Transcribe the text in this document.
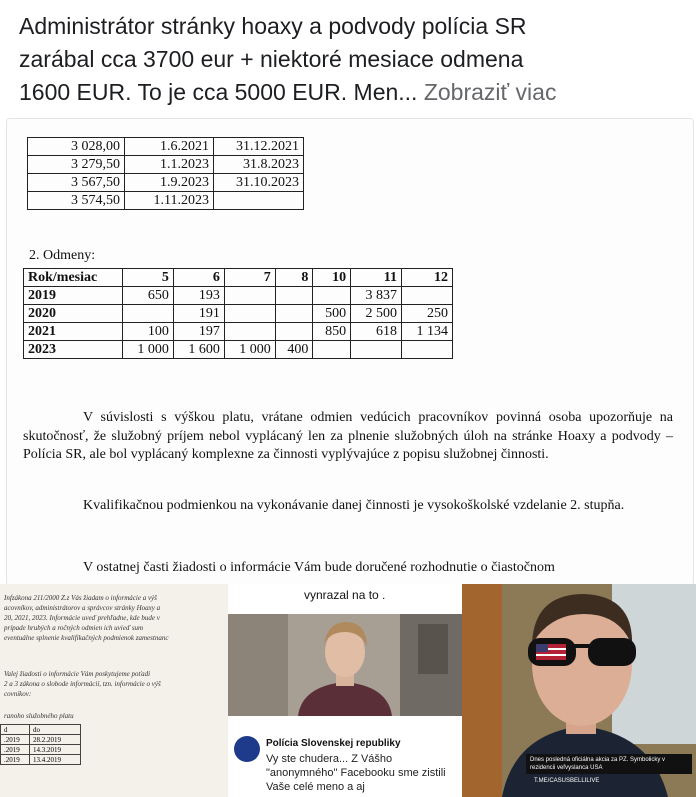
Administrátor stránky hoaxy a podvody polícia SR
zarábal cca 3700 eur + niektoré mesiace odmena
1600 EUR. To je cca 5000 EUR. Men... Zobraziť viac

3 028,00	1.6.2021	31.12.2021
3 279,50	1.1.2023	31.8.2023
3 567,50	1.9.2023	31.10.2023
3 574,50	1.11.2023	
2. Odmeny:
Rok/mesiac	5	6	7	8	10	11	12
2019	650	193				3 837	
2020		191			500	2 500	250
2021	100	197			850	618	1 134
2023	1 000	1 600	1 000	400			

V súvislosti s výškou platu, vrátane odmien vedúcich pracovníkov povinná osoba upozorňuje na skutočnosť, že služobný príjem nebol vyplácaný len za plnenie služobných úloh na stránke Hoaxy a podvody – Polícia SR, ale bol vyplácaný komplexne za činnosti vyplývajúce z popisu služobnej činnosti.

Kvalifikačnou podmienkou na vykonávanie danej činnosti je vysokoškolské vzdelanie 2. stupňa.

V ostatnej časti žiadosti o informácie Vám bude doručené rozhodnutie o čiastočnom

Infzákona 211/2000 Z.z Vás žiadam o informácie a výš
acovníkov, administrátorov a správcov stránky Hoaxy a
20, 2021, 2023. Informácie uveď prehľadne, kde bude v
prípade hrubých a ročných odmien ich uvieď sum
eventuálne splnenie kvalifikačných podmienok zamestnanc
Valej žiadosti o informácie Vám poskytujeme poťadi
2 a 3 zákona o slobode informácií, tzn. informácie o výš
covníkov:
ranoho služobného platu
d	do
.2019	28.2.2019
.2019	14.3.2019
.2019	13.4.2019
vynrazal na to .
Polícia Slovenskej republiky
Vy ste chudera... Z Vášho "anonymného" Facebooku sme zistili Vaše celé meno a aj
Dnes posledná oficiálna akcia za PZ. Symbolicky v rezidencii veľvyslanca USA
T.ME/CASUSBELLILIVE
